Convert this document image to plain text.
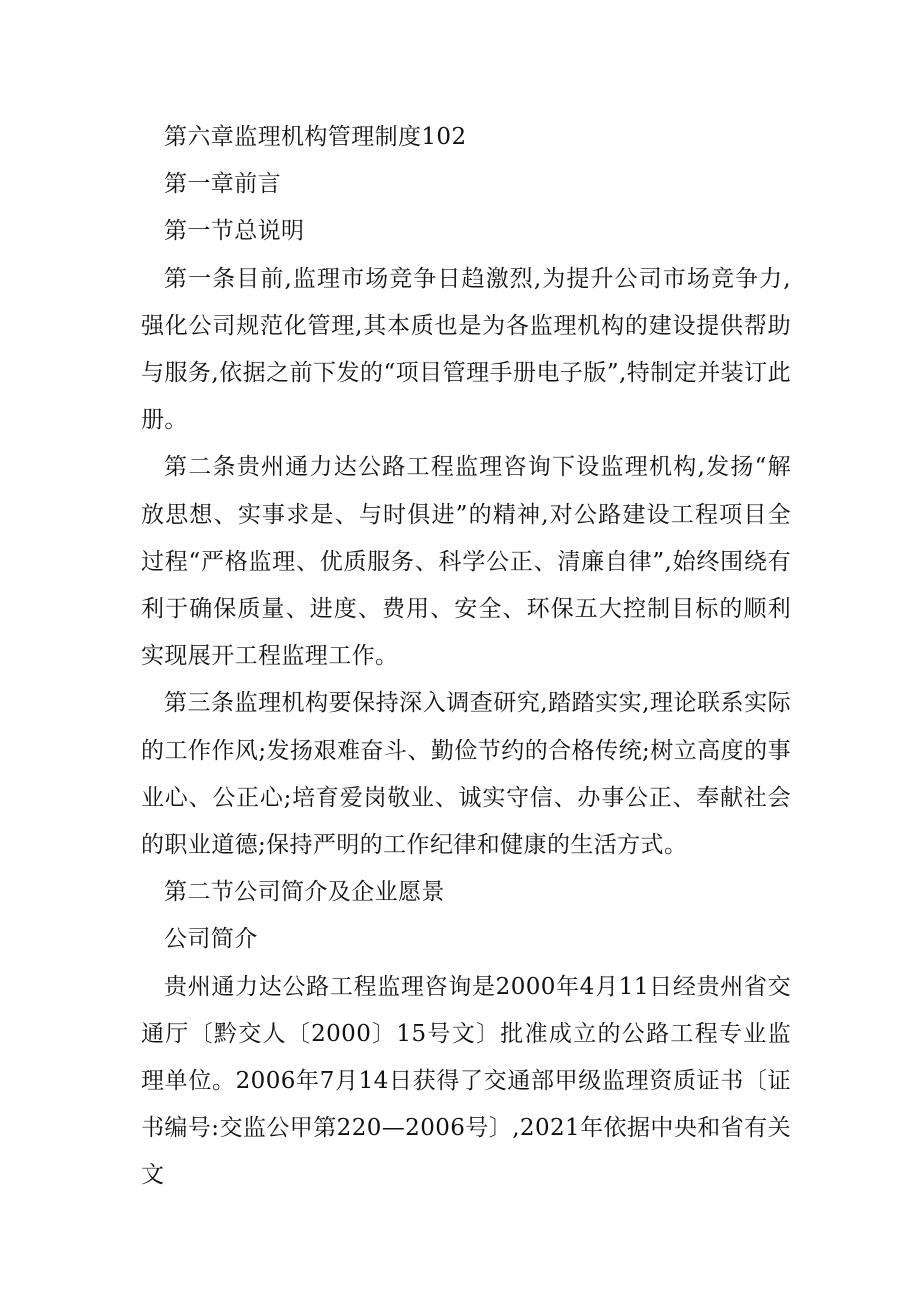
第六章监理机构管理制度102

第一章前言

第一节总说明

第一条目前,监理市场竞争日趋激烈,为提升公司市场竞争力,强化公司规范化管理,其本质也是为各监理机构的建设提供帮助与服务,依据之前下发的“项目管理手册电子版”,特制定并装订此册。

第二条贵州通力达公路工程监理咨询下设监理机构,发扬“解放思想、实事求是、与时俱进”的精神,对公路建设工程项目全过程“严格监理、优质服务、科学公正、清廉自律”,始终围绕有利于确保质量、进度、费用、安全、环保五大控制目标的顺利实现展开工程监理工作。

第三条监理机构要保持深入调查研究,踏踏实实,理论联系实际的工作作风;发扬艰难奋斗、勤俭节约的合格传统;树立高度的事业心、公正心;培育爱岗敬业、诚实守信、办事公正、奉献社会的职业道德;保持严明的工作纪律和健康的生活方式。

第二节公司简介及企业愿景

公司简介

贵州通力达公路工程监理咨询是2000年4月11日经贵州省交通厅〔黔交人〔2000〕15号文〕批准成立的公路工程专业监理单位。2006年7月14日获得了交通部甲级监理资质证书〔证书编号:交监公甲第220—2006号〕,2021年依据中央和省有关文
